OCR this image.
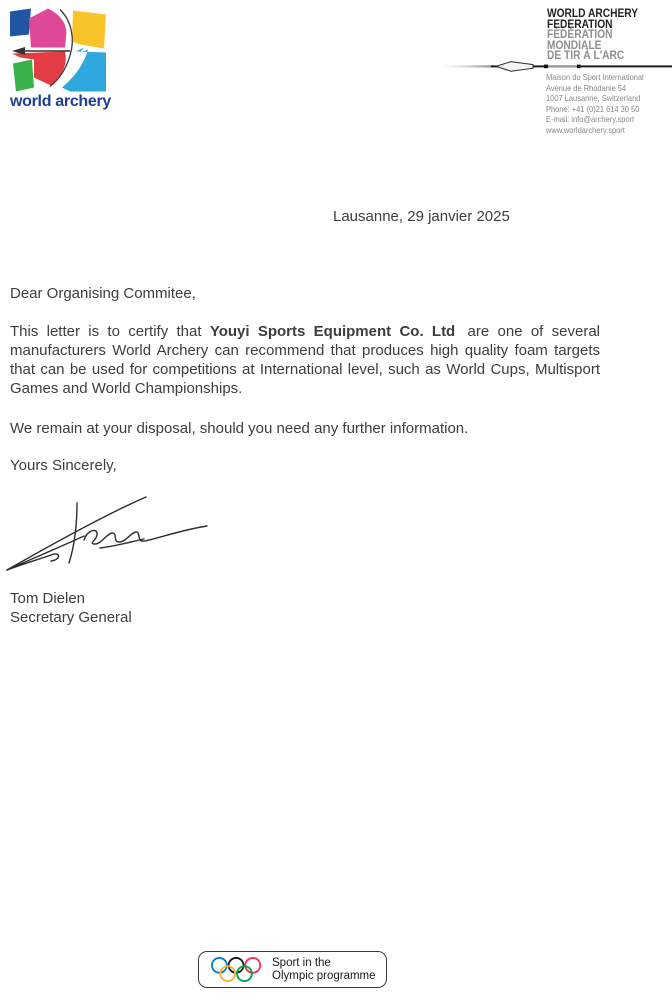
world archery
WORLD ARCHERY
FEDERATION
FÉDÉRATION
MONDIALE
DE TIR À L'ARC
Maison du Sport International
Avenue de Rhodanie 54
1007 Lausanne, Switzerland
Phone: +41 (0)21 614 30 50
E-mail: info@archery.sport
www.worldarchery.sport
Lausanne, 29 janvier 2025
Dear Organising Commitee,

This letter is to certify that Youyi Sports Equipment Co. Ltd are one of several manufacturers World Archery can recommend that produces high quality foam targets that can be used for competitions at International level, such as World Cups, Multisport Games and World Championships.

We remain at your disposal, should you need any further information.
Yours Sincerely,
Tom Dielen
Secretary General
Sport in the
Olympic programme
